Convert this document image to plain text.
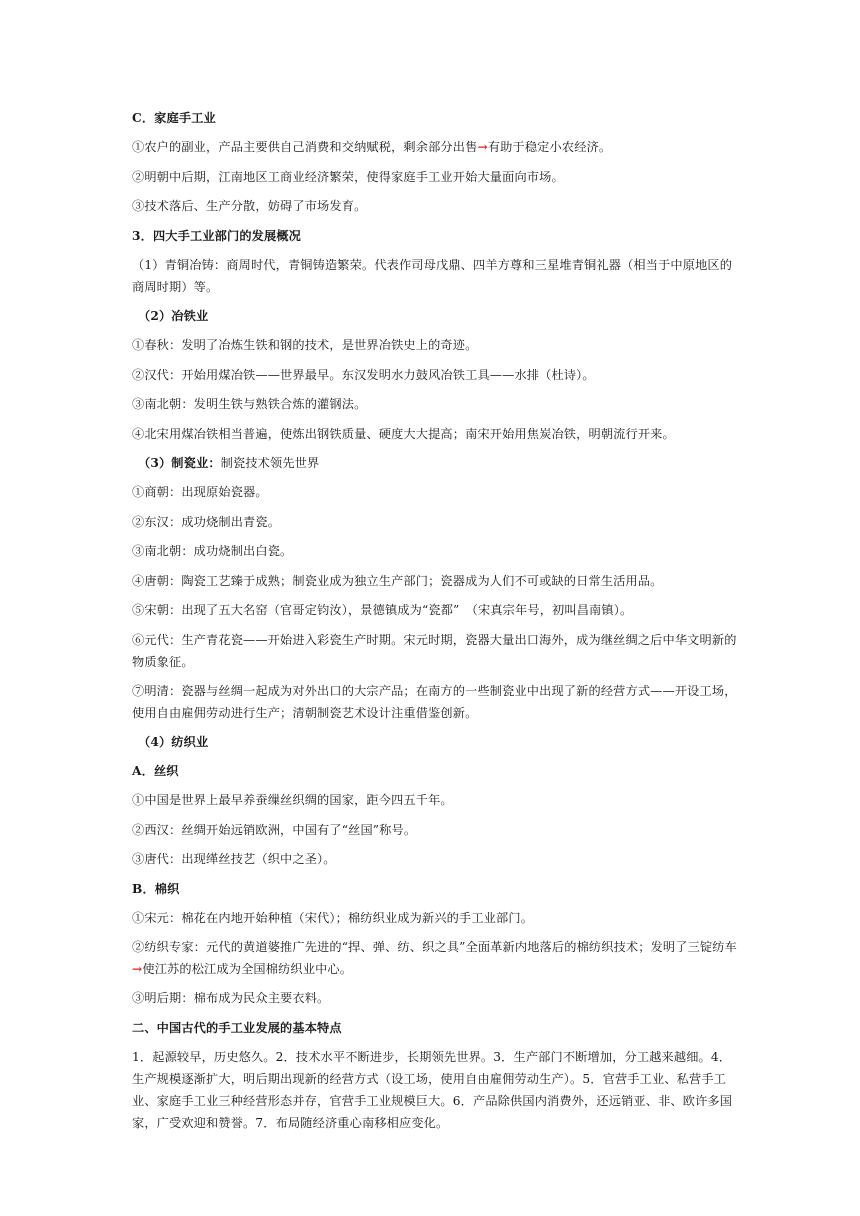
C．家庭手工业
①农户的副业，产品主要供自己消费和交纳赋税，剩余部分出售→有助于稳定小农经济。
②明朝中后期，江南地区工商业经济繁荣，使得家庭手工业开始大量面向市场。
③技术落后、生产分散，妨碍了市场发育。
3．四大手工业部门的发展概况
（1）青铜冶铸：商周时代，青铜铸造繁荣。代表作司母戊鼎、四羊方尊和三星堆青铜礼器（相当于中原地区的商周时期）等。
（2）冶铁业
①春秋：发明了冶炼生铁和钢的技术，是世界冶铁史上的奇迹。
②汉代：开始用煤冶铁——世界最早。东汉发明水力鼓风冶铁工具——水排（杜诗）。
③南北朝：发明生铁与熟铁合炼的灌钢法。
④北宋用煤冶铁相当普遍，使炼出钢铁质量、硬度大大提高；南宋开始用焦炭冶铁，明朝流行开来。
（3）制瓷业：制瓷技术领先世界
①商朝：出现原始瓷器。
②东汉：成功烧制出青瓷。
③南北朝：成功烧制出白瓷。
④唐朝：陶瓷工艺臻于成熟；制瓷业成为独立生产部门；瓷器成为人们不可或缺的日常生活用品。
⑤宋朝：出现了五大名窑（官哥定钧汝），景德镇成为“瓷都”　（宋真宗年号，初叫昌南镇）。
⑥元代：生产青花瓷——开始进入彩瓷生产时期。宋元时期，瓷器大量出口海外，成为继丝绸之后中华文明新的物质象征。
⑦明清：瓷器与丝绸一起成为对外出口的大宗产品；在南方的一些制瓷业中出现了新的经营方式——开设工场，使用自由雇佣劳动进行生产；清朝制瓷艺术设计注重借鉴创新。
（4）纺织业
A．丝织
①中国是世界上最早养蚕缫丝织绸的国家，距今四五千年。
②西汉：丝绸开始远销欧洲，中国有了“丝国”称号。
③唐代：出现缂丝技艺（织中之圣）。
B．棉织
①宋元：棉花在内地开始种植（宋代）；棉纺织业成为新兴的手工业部门。
②纺织专家：元代的黄道婆推广先进的“捍、弹、纺、织之具”全面革新内地落后的棉纺织技术；发明了三锭纺车→使江苏的松江成为全国棉纺织业中心。
③明后期：棉布成为民众主要衣料。
二、中国古代的手工业发展的基本特点
1．起源较早，历史悠久。2．技术水平不断进步，长期领先世界。3．生产部门不断增加，分工越来越细。4．生产规模逐渐扩大，明后期出现新的经营方式（设工场，使用自由雇佣劳动生产）。5．官营手工业、私营手工业、家庭手工业三种经营形态并存，官营手工业规模巨大。6．产品除供国内消费外，还远销亚、非、欧许多国家，广受欢迎和赞誉。7．布局随经济重心南移相应变化。
